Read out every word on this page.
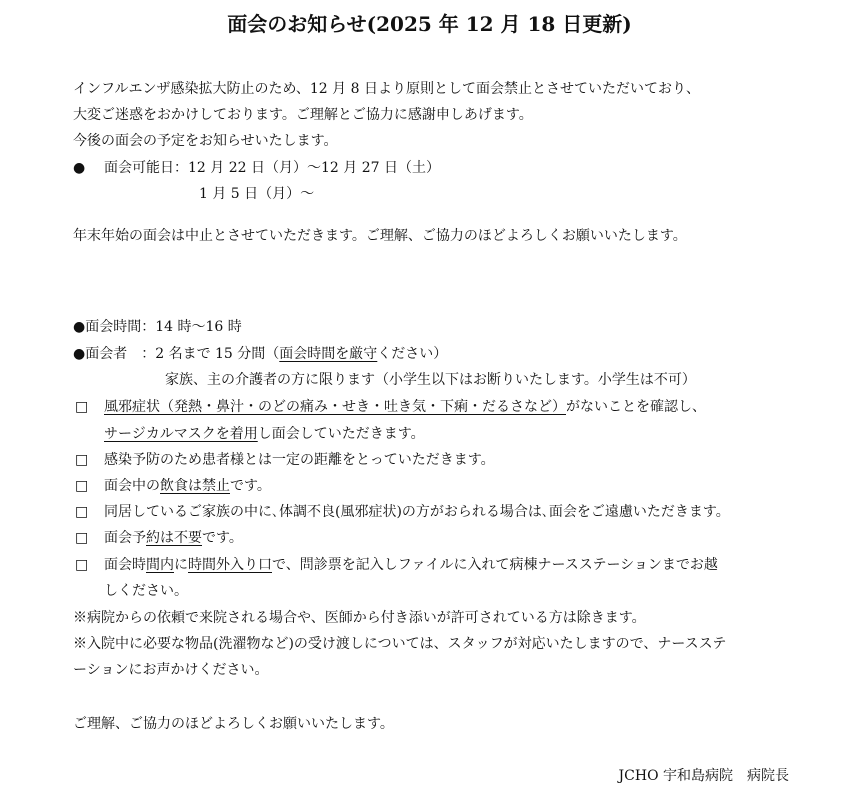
面会のお知らせ(2025 年 12 月 18 日更新)
インフルエンザ感染拡大防止のため、12 月 8 日より原則として面会禁止とさせていただいており、
大変ご迷惑をおかけしております。ご理解とご協力に感謝申しあげます。
今後の面会の予定をお知らせいたします。
● 面会可能日：12 月 22 日（月）～12 月 27 日（土）
1 月 5 日（月）～
年末年始の面会は中止とさせていただきます。ご理解、ご協力のほどよろしくお願いいたします。
●面会時間：14 時～16 時
●面会者　：2 名まで 15 分間（面会時間を厳守ください）
家族、主の介護者の方に限ります（小学生以下はお断りいたします。小学生は不可）
□ 風邪症状（発熱・鼻汁・のどの痛み・せき・吐き気・下痢・だるさなど）がないことを確認し、
サージカルマスクを着用し面会していただきます。
□ 感染予防のため患者様とは一定の距離をとっていただきます。
□ 面会中の飲食は禁止です。
□ 同居しているご家族の中に､体調不良(風邪症状)の方がおられる場合は､面会をご遠慮いただきます。
□ 面会予約は不要です。
□ 面会時間内に時間外入り口で、問診票を記入しファイルに入れて病棟ナースステーションまでお越
しください。
※病院からの依頼で来院される場合や、医師から付き添いが許可されている方は除きます。
※入院中に必要な物品(洗濯物など)の受け渡しについては、スタッフが対応いたしますので、ナースステ
ーションにお声かけください。
ご理解、ご協力のほどよろしくお願いいたします。
JCHO 宇和島病院　病院長
